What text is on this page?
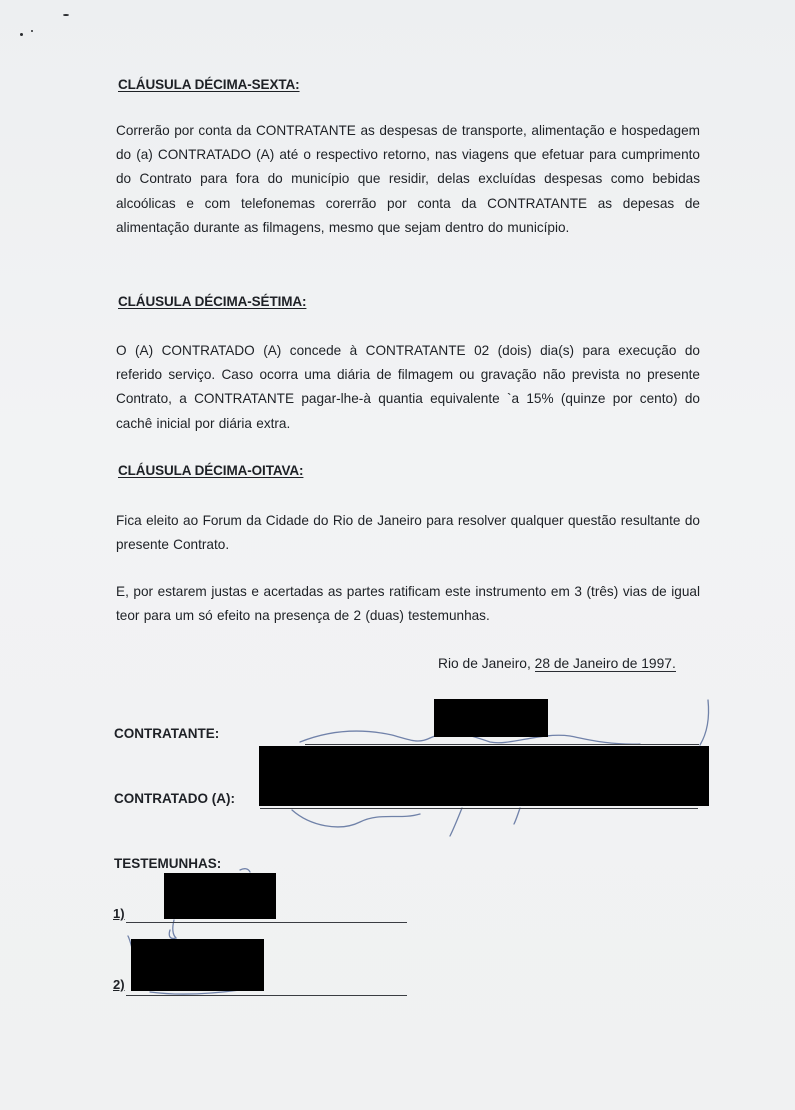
CLÁUSULA DÉCIMA-SEXTA:

Correrão por conta da CONTRATANTE as despesas de transporte, alimentação e hospedagem do (a) CONTRATADO (A) até o respectivo retorno, nas viagens que efetuar para cumprimento do Contrato para fora do município que residir, delas excluídas despesas como bebidas alcoólicas e com telefonemas corerrão por conta da CONTRATANTE as depesas de alimentação durante as filmagens, mesmo que sejam dentro do município.

CLÁUSULA DÉCIMA-SÉTIMA:

O (A) CONTRATADO (A) concede à CONTRATANTE 02 (dois) dia(s) para execução do referido serviço. Caso ocorra uma diária de filmagem ou gravação não prevista no presente Contrato, a CONTRATANTE pagar-lhe-à quantia equivalente `a 15% (quinze por cento) do cachê inicial por diária extra.

CLÁUSULA DÉCIMA-OITAVA:

Fica eleito ao Forum da Cidade do Rio de Janeiro para resolver qualquer questão resultante do presente Contrato.

E, por estarem justas e acertadas as partes ratificam este instrumento em 3 (três) vias de igual teor para um só efeito na presença de 2 (duas) testemunhas.

Rio de Janeiro, 28 de Janeiro de 1997.

CONTRATANTE:

CONTRATADO (A):

TESTEMUNHAS:

1)

2)
